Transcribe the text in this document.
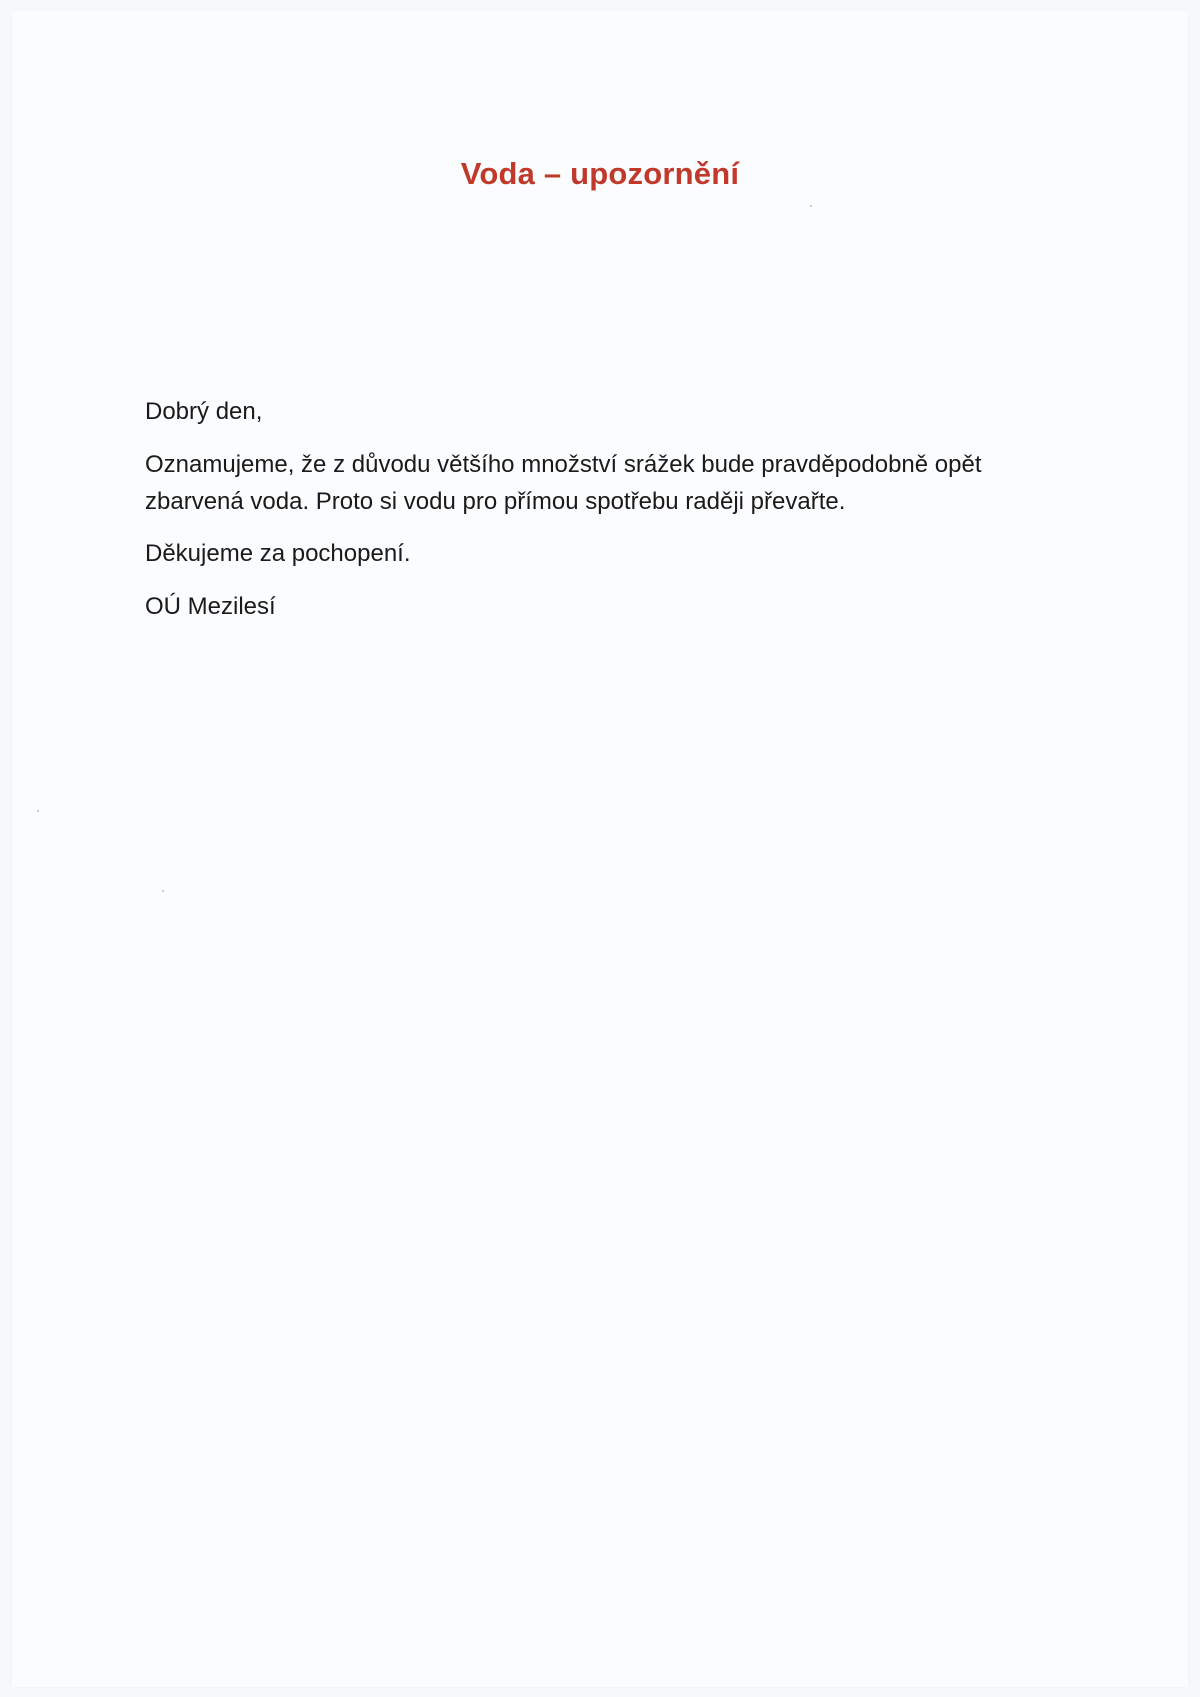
Voda – upozornění

Dobrý den,

Oznamujeme, že z důvodu většího množství srážek bude pravděpodobně opět zbarvená voda. Proto si vodu pro přímou spotřebu raději převařte.

Děkujeme za pochopení.

OÚ Mezilesí
